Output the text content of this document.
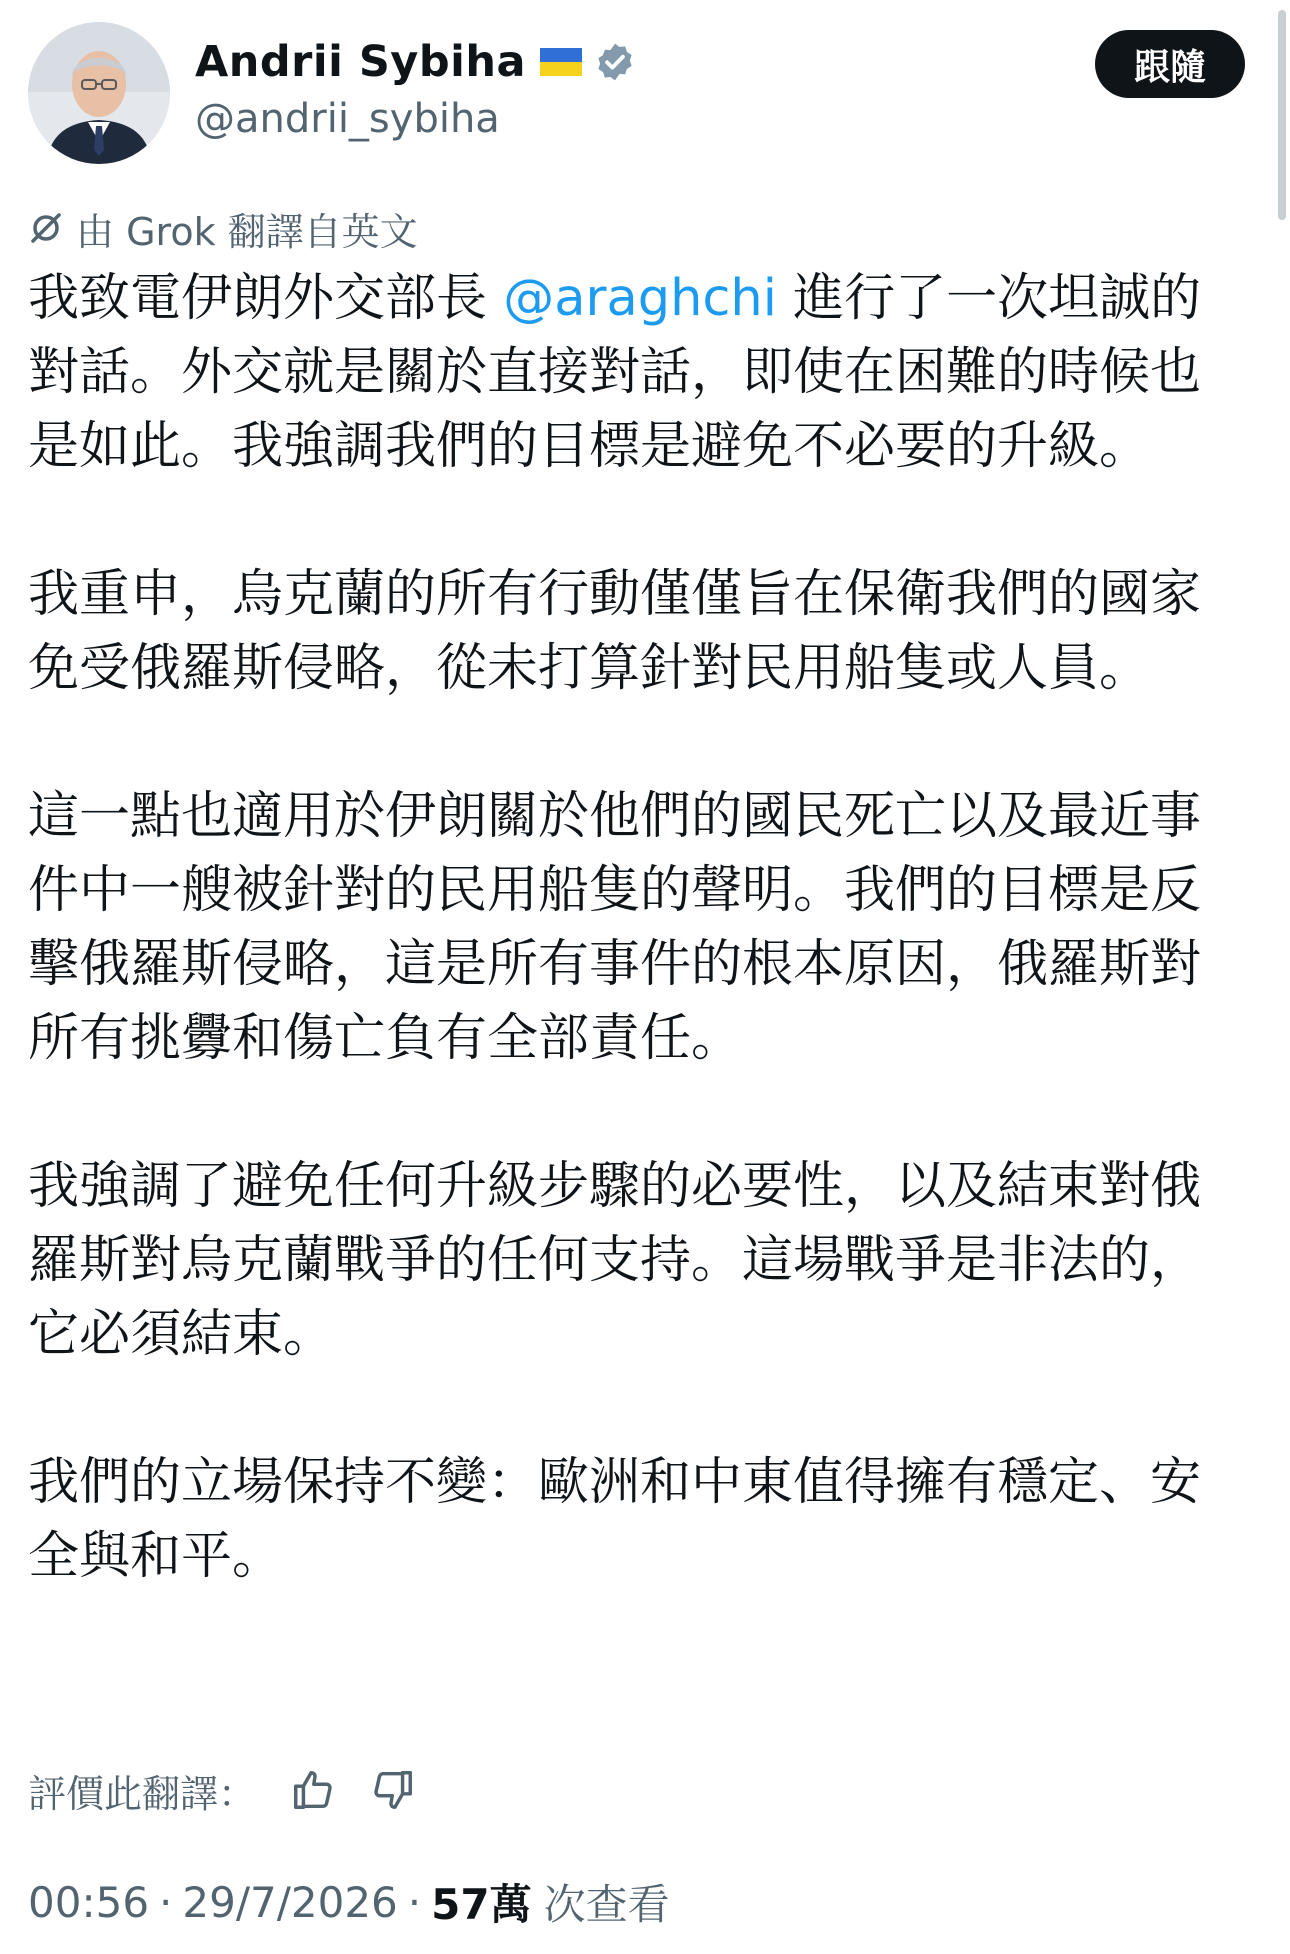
Andrii Sybiha
@andrii_sybiha
跟隨
由 Grok 翻譯自英文

我致電伊朗外交部長 @araghchi 進行了一次坦誠的對話。外交就是關於直接對話，即使在困難的時候也是如此。我強調我們的目標是避免不必要的升級。

我重申，烏克蘭的所有行動僅僅旨在保衛我們的國家免受俄羅斯侵略，從未打算針對民用船隻或人員。

這一點也適用於伊朗關於他們的國民死亡以及最近事件中一艘被針對的民用船隻的聲明。我們的目標是反擊俄羅斯侵略，這是所有事件的根本原因，俄羅斯對所有挑釁和傷亡負有全部責任。

我強調了避免任何升級步驟的必要性，以及結束對俄羅斯對烏克蘭戰爭的任何支持。這場戰爭是非法的，它必須結束。

我們的立場保持不變：歐洲和中東值得擁有穩定、安全與和平。

評價此翻譯：
00:56 · 29/7/2026 · 57萬 次查看
